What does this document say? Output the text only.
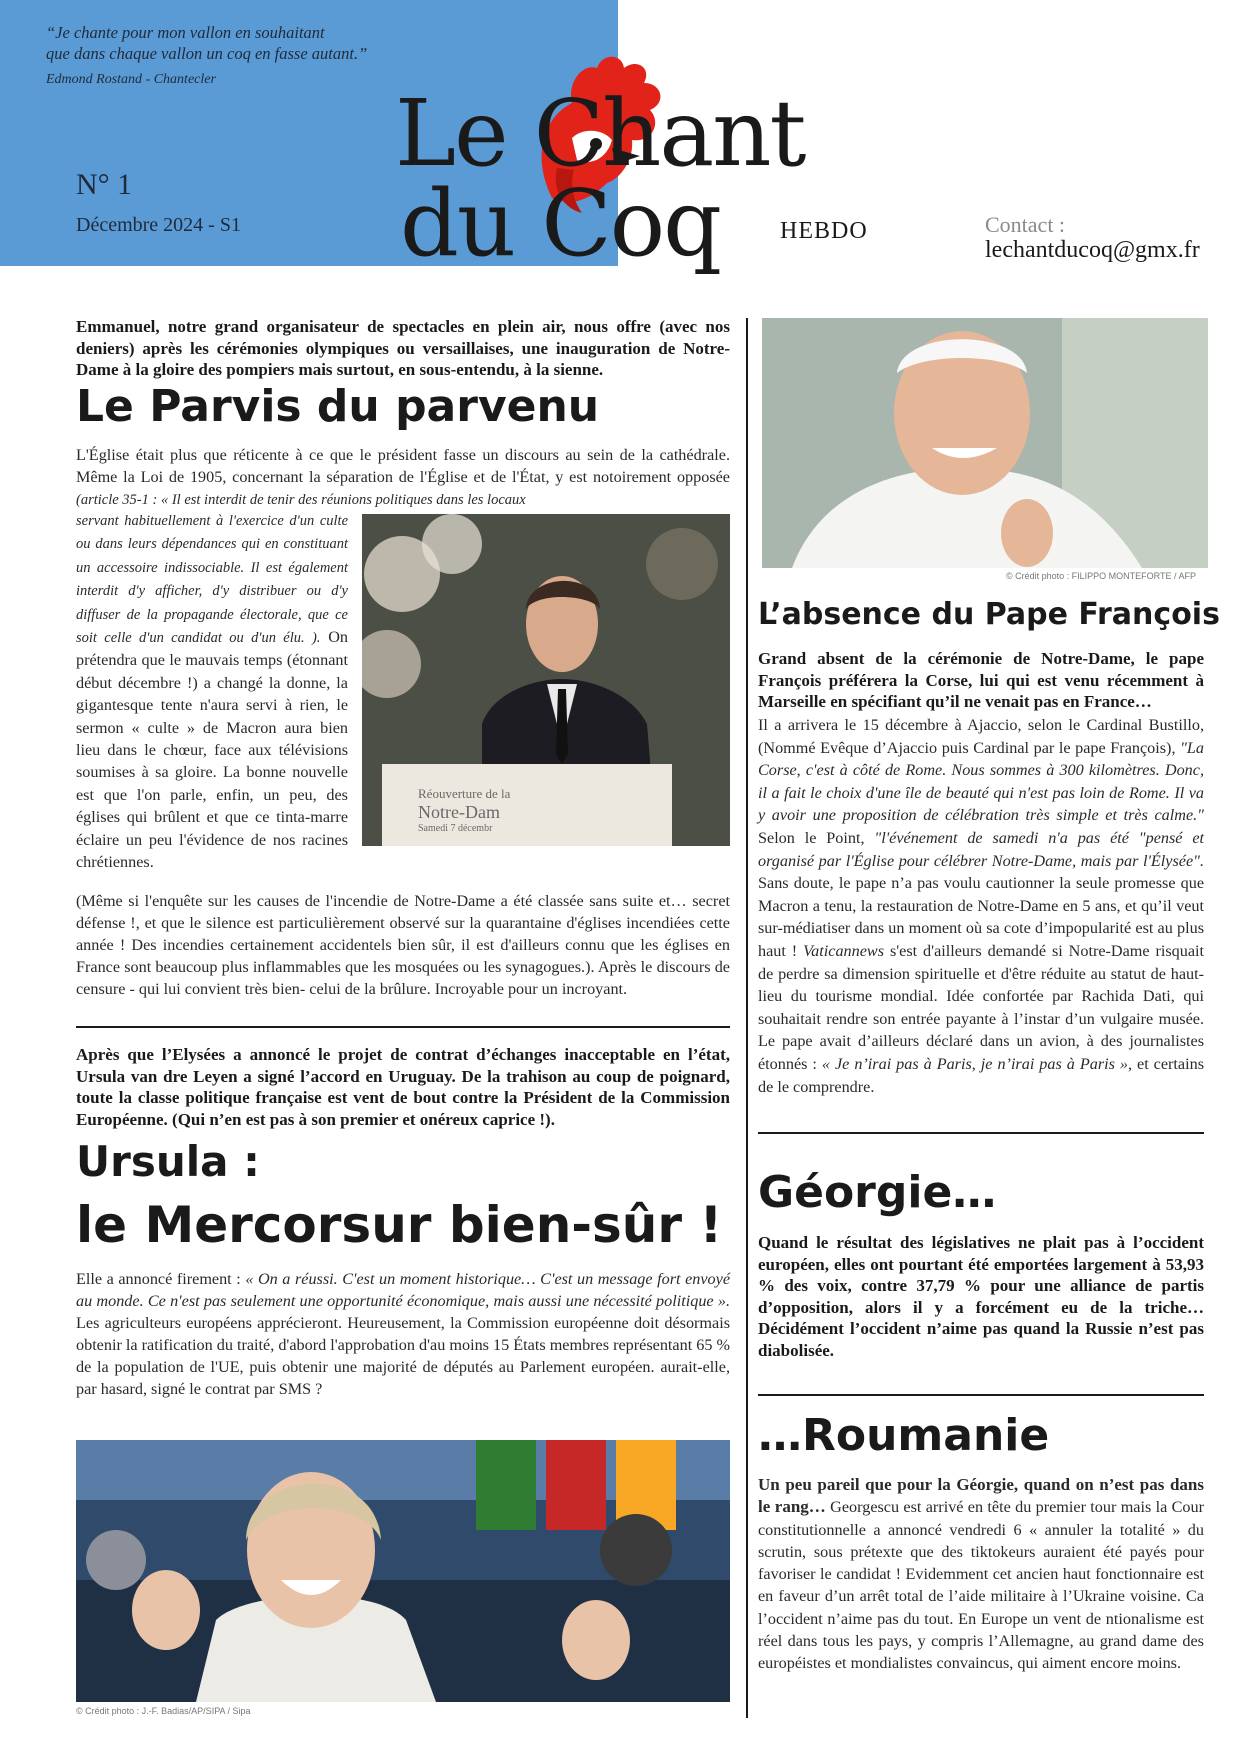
“Je chante pour mon vallon en souhaitant
que dans chaque vallon un coq en fasse autant.”
Edmond Rostand - Chantecler
N° 1
Décembre 2024 - S1
Le Chant
du Coq HEBDO	Contact :
lechantducoq@gmx.fr
Emmanuel, notre grand organisateur de spectacles en plein air, nous offre (avec nos deniers) après les cérémonies olympiques ou versaillaises, une inauguration de Notre-Dame à la gloire des pompiers mais surtout, en sous-entendu, à la sienne.
Le Parvis du parvenu
L'Église était plus que réticente à ce que le président fasse un discours au sein de la cathédrale. Même la Loi de 1905, concernant la séparation de l'Église et de l'État, y est notoirement opposée (article 35-1 : « Il est interdit de tenir des réunions politiques dans les locaux
Réouverture de la
Notre-Dam
Samedi 7 décembr
servant habituellement à l'exercice d'un culte ou dans leurs dépendances qui en constituant un accessoire indissociable. Il est également interdit d'y afficher, d'y distribuer ou d'y diffuser de la propagande électorale, que ce soit celle d'un candidat ou d'un élu. ). On prétendra que le mauvais temps (étonnant début décembre !) a changé la donne, la gigantesque tente n'aura servi à rien, le sermon « culte » de Macron aura bien lieu dans le chœur, face aux télévisions soumises à sa gloire. La bonne nouvelle est que l'on parle, enfin, un peu, des églises qui brûlent et que ce tinta-marre éclaire un peu l'évidence de nos racines chrétiennes.
(Même si l'enquête sur les causes de l'incendie de Notre-Dame a été classée sans suite et… secret défense !, et que le silence est particulièrement observé sur la quarantaine d'églises incendiées cette année ! Des incendies certainement accidentels bien sûr, il est d'ailleurs connu que les églises en France sont beaucoup plus inflammables que les mosquées ou les synagogues.). Après le discours de censure - qui lui convient très bien- celui de la brûlure. Incroyable pour un incroyant.
Après que l’Elysées a annoncé le projet de contrat d’échanges inacceptable en l’état, Ursula van dre Leyen a signé l’accord en Uruguay. De la trahison au coup de poignard, toute la classe politique française est vent de bout contre la Président de la Commission Européenne. (Qui n’en est pas à son premier et onéreux caprice !).
Ursula :
le Mercorsur bien-sûr !
Elle a annoncé firement : « On a réussi. C'est un moment historique… C'est un message fort envoyé au monde. Ce n'est pas seulement une opportunité économique, mais aussi une nécessité politique ». Les agriculteurs européens apprécieront. Heureusement, la Commission européenne doit désormais obtenir la ratification du traité, d'abord l'approbation d'au moins 15 États membres représentant 65 % de la population de l'UE, puis obtenir une majorité de députés au Parlement européen. aurait-elle, par hasard, signé le contrat par SMS ?
© Crédit photo : J.-F. Badias/AP/SIPA / Sipa
© Crédit photo : FILIPPO MONTEFORTE / AFP
L’absence du Pape François
Grand absent de la cérémonie de Notre-Dame, le pape François préférera la Corse, lui qui est venu récemment à Marseille en spécifiant qu’il ne venait pas en France…
Il a arrivera le 15 décembre à Ajaccio, selon le Cardinal Bustillo, (Nommé Evêque d’Ajaccio puis Cardinal par le pape François), "La Corse, c'est à côté de Rome. Nous sommes à 300 kilomètres. Donc, il a fait le choix d'une île de beauté qui n'est pas loin de Rome. Il va y avoir une proposition de célébration très simple et très calme." Selon le Point, "l'événement de samedi n'a pas été "pensé et organisé par l'Église pour célébrer Notre-Dame, mais par l'Élysée". Sans doute, le pape n’a pas voulu cautionner la seule promesse que Macron a tenu, la restauration de Notre-Dame en 5 ans, et qu’il veut sur-médiatiser dans un moment où sa cote d’impopularité est au plus haut ! Vaticannews s'est d'ailleurs demandé si Notre-Dame risquait de perdre sa dimension spirituelle et d'être réduite au statut de haut-lieu du tourisme mondial. Idée confortée par Rachida Dati, qui souhaitait rendre son entrée payante à l’instar d’un vulgaire musée. Le pape avait d’ailleurs déclaré dans un avion, à des journalistes étonnés : « Je n’irai pas à Paris, je n’irai pas à Paris », et certains de le comprendre.
Géorgie…
Quand le résultat des législatives ne plait pas à l’occident européen, elles ont pourtant été emportées largement à 53,93 % des voix, contre 37,79 % pour une alliance de partis d’opposition, alors il y a forcément eu de la triche… Décidément l’occident n’aime pas quand la Russie n’est pas diabolisée.
…Roumanie
Un peu pareil que pour la Géorgie, quand on n’est pas dans le rang… Georgescu est arrivé en tête du premier tour mais la Cour constitutionnelle a annoncé vendredi 6 « annuler la totalité » du scrutin, sous prétexte que des tiktokeurs auraient été payés pour favoriser le candidat ! Evidemment cet ancien haut fonctionnaire est en faveur d’un arrêt total de l’aide militaire à l’Ukraine voisine. Ca l’occident n’aime pas du tout. En Europe un vent de ntionalisme est réel dans tous les pays, y compris l’Allemagne, au grand dame des européistes et mondialistes convaincus, qui aiment encore moins.
